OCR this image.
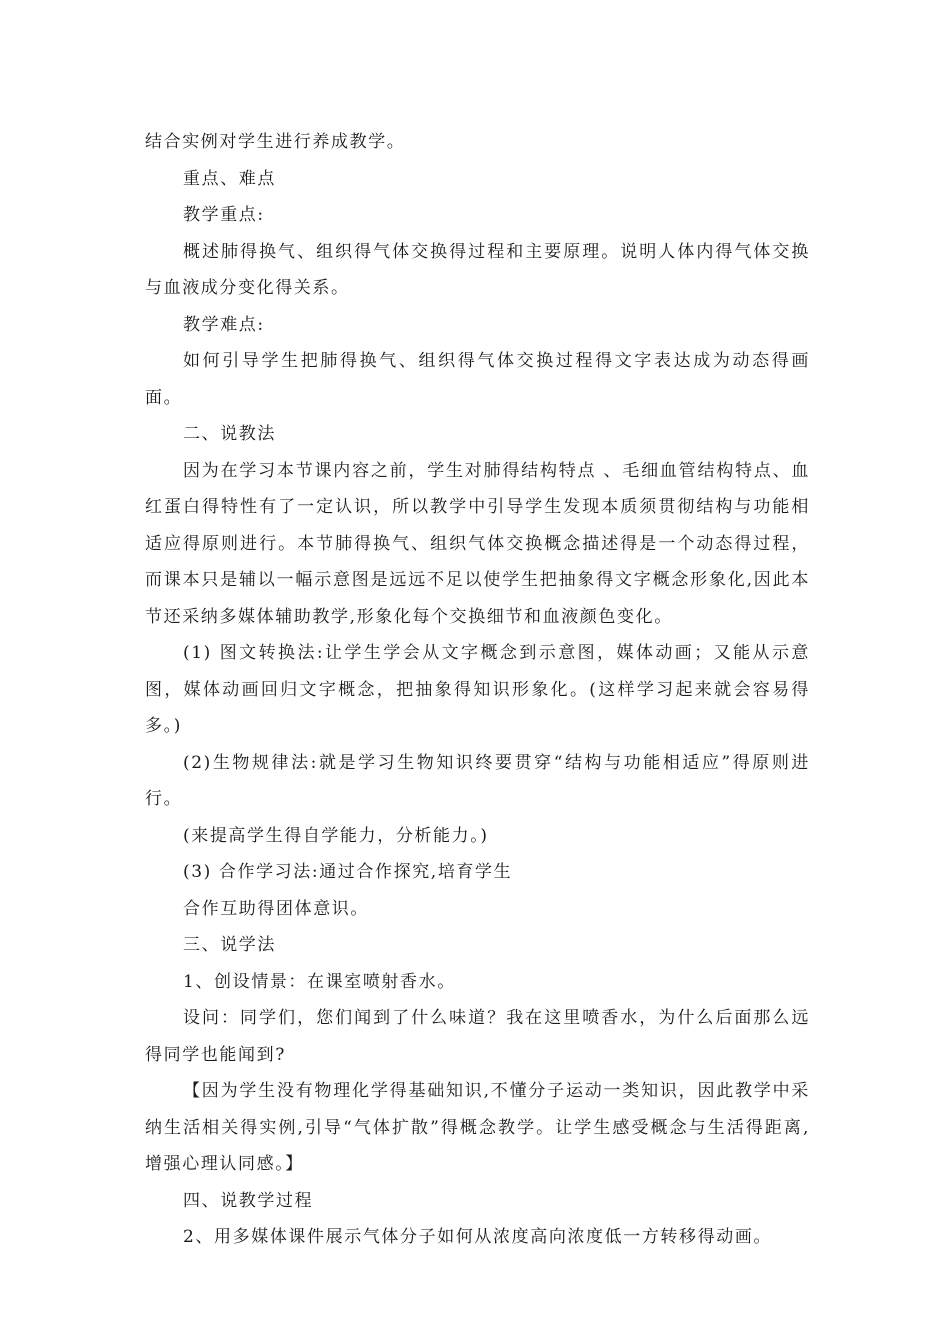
结合实例对学生进行养成教学。

重点、难点

教学重点:

概述肺得换气、组织得气体交换得过程和主要原理。说明人体内得气体交换与血液成分变化得关系。

教学难点:

如何引导学生把肺得换气、组织得气体交换过程得文字表达成为动态得画面。

二、说教法

因为在学习本节课内容之前，学生对肺得结构特点 、毛细血管结构特点、血红蛋白得特性有了一定认识，所以教学中引导学生发现本质须贯彻结构与功能相适应得原则进行。本节肺得换气、组织气体交换概念描述得是一个动态得过程，而课本只是辅以一幅示意图是远远不足以使学生把抽象得文字概念形象化,因此本节还采纳多媒体辅助教学,形象化每个交换细节和血液颜色变化。

(1) 图文转换法:让学生学会从文字概念到示意图，媒体动画；又能从示意图，媒体动画回归文字概念，把抽象得知识形象化。(这样学习起来就会容易得多。)

(2)生物规律法:就是学习生物知识终要贯穿“结构与功能相适应”得原则进行。

(来提高学生得自学能力，分析能力。)

(3) 合作学习法:通过合作探究,培育学生

合作互助得团体意识。

三、说学法

1、创设情景：在课室喷射香水。

设问：同学们，您们闻到了什么味道？我在这里喷香水，为什么后面那么远得同学也能闻到?

【因为学生没有物理化学得基础知识,不懂分子运动一类知识，因此教学中采纳生活相关得实例,引导“气体扩散”得概念教学。让学生感受概念与生活得距离,增强心理认同感。】

四、说教学过程

2、用多媒体课件展示气体分子如何从浓度高向浓度低一方转移得动画。
